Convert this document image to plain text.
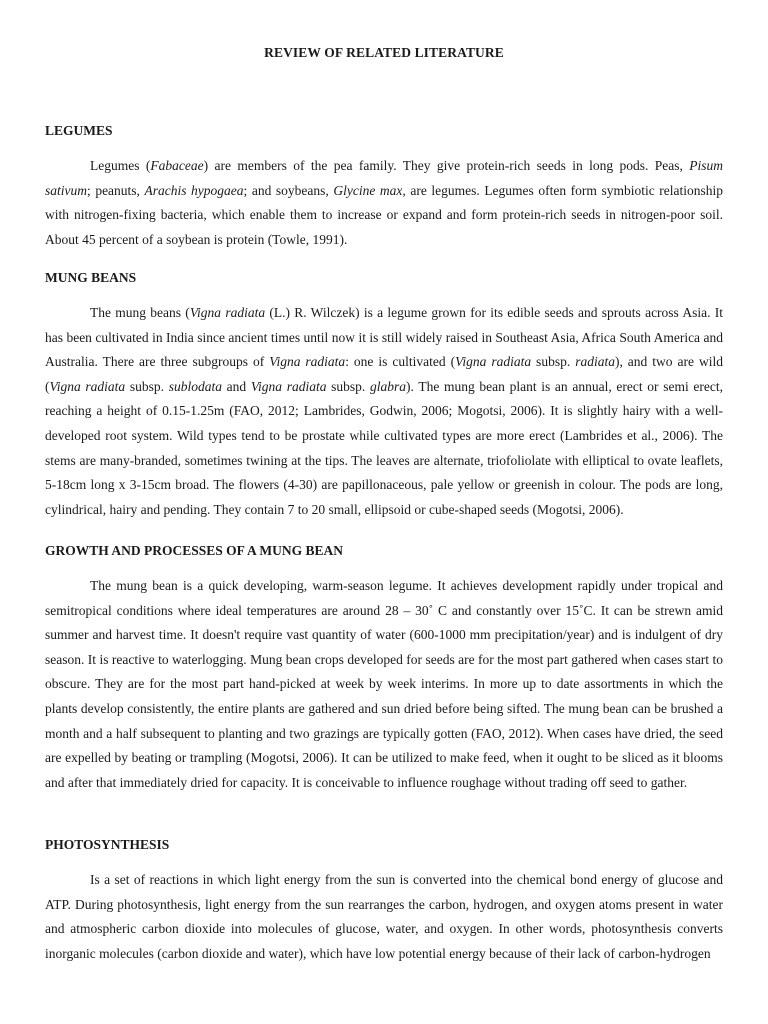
REVIEW OF RELATED LITERATURE
LEGUMES

Legumes (Fabaceae) are members of the pea family. They give protein-rich seeds in long pods. Peas, Pisum sativum; peanuts, Arachis hypogaea; and soybeans, Glycine max, are legumes. Legumes often form symbiotic relationship with nitrogen-fixing bacteria, which enable them to increase or expand and form protein-rich seeds in nitrogen-poor soil. About 45 percent of a soybean is protein (Towle, 1991).

MUNG BEANS

The mung beans (Vigna radiata (L.) R. Wilczek) is a legume grown for its edible seeds and sprouts across Asia. It has been cultivated in India since ancient times until now it is still widely raised in Southeast Asia, Africa South America and Australia. There are three subgroups of Vigna radiata: one is cultivated (Vigna radiata subsp. radiata), and two are wild (Vigna radiata subsp. sublodata and Vigna radiata subsp. glabra). The mung bean plant is an annual, erect or semi erect, reaching a height of 0.15-1.25m (FAO, 2012; Lambrides, Godwin, 2006; Mogotsi, 2006). It is slightly hairy with a well-developed root system. Wild types tend to be prostate while cultivated types are more erect (Lambrides et al., 2006). The stems are many-branded, sometimes twining at the tips. The leaves are alternate, triofoliolate with elliptical to ovate leaflets, 5-18cm long x 3-15cm broad. The flowers (4-30) are papillonaceous, pale yellow or greenish in colour. The pods are long, cylindrical, hairy and pending. They contain 7 to 20 small, ellipsoid or cube-shaped seeds (Mogotsi, 2006).

GROWTH AND PROCESSES OF A MUNG BEAN

The mung bean is a quick developing, warm-season legume. It achieves development rapidly under tropical and semitropical conditions where ideal temperatures are around 28 – 30˚ C and constantly over 15˚C. It can be strewn amid summer and harvest time. It doesn't require vast quantity of water (600-1000 mm precipitation/year) and is indulgent of dry season. It is reactive to waterlogging. Mung bean crops developed for seeds are for the most part gathered when cases start to obscure. They are for the most part hand-picked at week by week interims. In more up to date assortments in which the plants develop consistently, the entire plants are gathered and sun dried before being sifted. The mung bean can be brushed a month and a half subsequent to planting and two grazings are typically gotten (FAO, 2012). When cases have dried, the seed are expelled by beating or trampling (Mogotsi, 2006). It can be utilized to make feed, when it ought to be sliced as it blooms and after that immediately dried for capacity. It is conceivable to influence roughage without trading off seed to gather.

PHOTOSYNTHESIS

Is a set of reactions in which light energy from the sun is converted into the chemical bond energy of glucose and ATP. During photosynthesis, light energy from the sun rearranges the carbon, hydrogen, and oxygen atoms present in water and atmospheric carbon dioxide into molecules of glucose, water, and oxygen. In other words, photosynthesis converts inorganic molecules (carbon dioxide and water), which have low potential energy because of their lack of carbon-hydrogen
